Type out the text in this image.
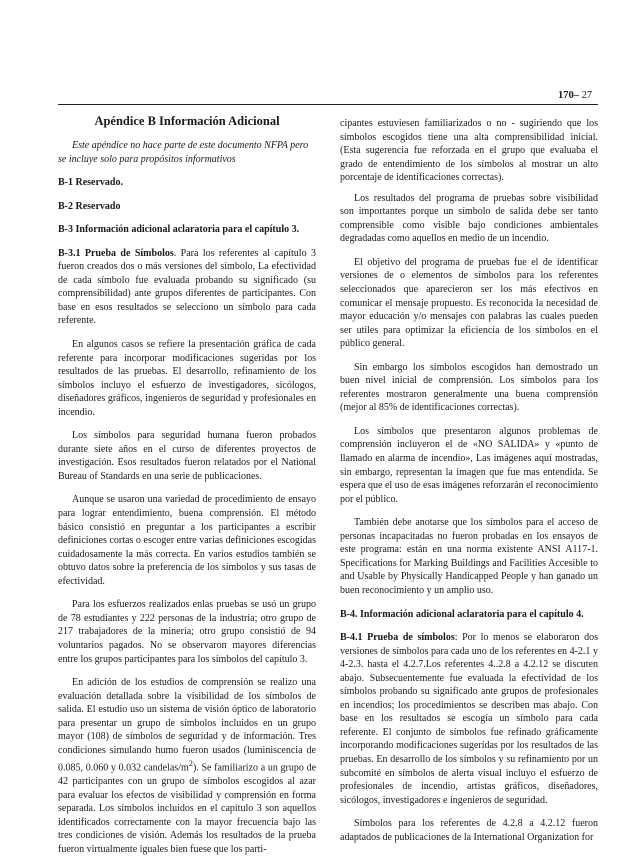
170– 27

Apéndice B Información Adicional

Este apéndice no hace parte de este documento NFPA pero se incluye solo para propósitos informativos

B-1 Reservado.

B-2 Reservado

B-3 Información adicional aclaratoria para el capítulo 3.

B-3.1 Prueba de Símbolos. Para los referentes al capítulo 3 fueron creados dos o más versiones del símbolo, La efectividad de cada símbolo fue evaluada probando su significado (su comprensibilidad) ante grupos diferentes de participantes. Con base en esos resultados se selecciono un símbolo para cada referente.

En algunos casos se refiere la presentación gráfica de cada referente para incorporar modificaciones sugeridas por los resultados de las pruebas. El desarrollo, refinamiento de los símbolos incluyo el esfuerzo de investigadores, sicólogos, diseñadores gráficos, ingenieros de seguridad y profesionales en incendio.

Los símbolos para seguridad humana fueron probados durante siete años en el curso de diferentes proyectos de investigación. Esos resultados fueron relatados por el National Bureau of Standards en una serie de publicaciones.

Aunque se usaron una variedad de procedimiento de ensayo para lograr entendimiento, buena comprensión. El método básico consistió en preguntar a los participantes a escribir definiciones cortas o escoger entre varias definiciones escogidas cuidadosamente la más correcta. En varios estudios también se obtuvo datos sobre la preferencia de los símbolos y sus tasas de efectividad.

Para los esfuerzos realizados enlas pruebas se usó un grupo de 78 estudiantes y 222 personas de la industria; otro grupo de 217 trabajadores de la minería; otro grupo consistió de 94 voluntarios pagados. No se observaron mayores diferencias entre los grupos participantes para los símbolos del capítulo 3.

En adición de los estudios de comprensión se realizo una evaluación detallada sobre la visibilidad de los símbolos de salida. El estudio uso un sistema de visión óptico de laboratorio para presentar un grupo de símbolos incluidos en un grupo mayor (108) de símbolos de seguridad y de información. Tres condiciones simulando humo fueron usados (luminiscencia de 0.085, 0.060 y 0.032 candelas/$m^2$). Se familiarizo a un grupo de 42 participantes con un grupo de símbolos escogidos al azar para evaluar los efectos de visibilidad y comprensión en forma separada. Los símbolos incluidos en el capítulo 3 son aquellos identificados correctamente con la mayor frecuencia bajo las tres condiciones de visión. Además los resultados de la prueba fueron virtualmente iguales bien fuese que los parti-

cipantes estuviesen familiarizados o no - sugiriendo que los símbolos escogidos tiene una alta comprensibilidad inicial. (Esta sugerencia fue reforzada en el grupo que evaluaba el grado de entendimiento de los símbolos al mostrar un alto porcentaje de identificaciones correctas).

Los resultados del programa de pruebas sobre visibilidad son importantes porque un símbolo de salida debe ser tanto comprensible como visible bajo condiciones ambientales degradadas como aquellos en medio de un incendio.

El objetivo del programa de pruebas fue el de identificar versiones de o elementos de símbolos para los referentes seleccionados que aparecieron ser los más efectivos en comunicar el mensaje propuesto. Es reconocida la necesidad de mayor educación y/o mensajes con palabras las cuales pueden ser utiles para optimizar la eficiencia de los símbolos en el público general.

Sin embargo los símbolos escogidos han demostrado un buen nivel inicial de comprensión. Los símbolos para los referentes mostraron generalmente una buena comprensión (mejor al 85% de identificaciones correctas).

Los símbolos que presentaron algunos problemas de comprensión incluyeron el de «NO SALIDA» y «punto de llamado en alarma de incendio», Las imágenes aquí mostradas, sin embargo, representan la imagen que fue mas entendida. Se espera que el uso de esas imágenes reforzarán el reconocimiento por el público.

También debe anotarse que los símbolos para el acceso de personas incapacitadas no fueron probadas en los ensayos de este programa: están en una norma existente ANSI A117-1. Specifications for Marking Buildings and Facilities Accesible to and Usable by Physically Handicapped People y han ganado un buen reconocimiento y un amplio uso.

B-4. Información adicional aclaratoria para el capítulo 4.

B-4.1 Prueba de símbolos: Por lo menos se elaboraron dos versiones de símbolos para cada uno de los referentes en 4-2.1 y 4-2.3. hasta el 4.2.7.Los referentes 4..2.8 a 4.2.12 se discuten abajo. Subsecuentemente fue evaluada la efectividad de los símbolos probando su significado ante grupos de profesionales en incendios; los procedimientos se describen mas abajo. Con base en los resultados se escogía un símbolo para cada referente. El conjunto de símbolos fue refinado gráficamente incorporando modificaciones sugeridas por los resultados de las pruebas. En desarrollo de los símbolos y su refinamiento por un subcomité en símbolos de alerta visual incluyo el esfuerzo de profesionales de incendio, artistas gráficos, diseñadores, sicólogos, investigadores e ingenieros de seguridad.

Símbolos para los referentes de 4.2.8 a 4.2.12 fueron adaptados de publicaciones de la International Organization for
